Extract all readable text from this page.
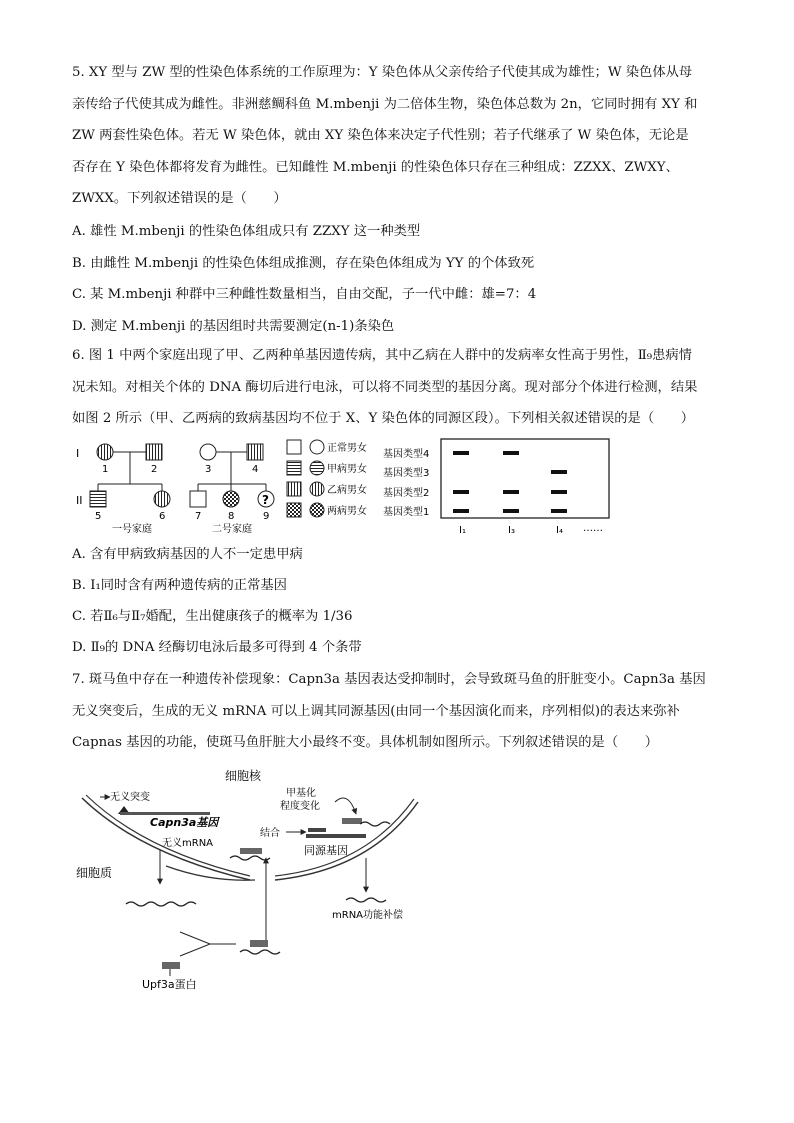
5. XY 型与 ZW 型的性染色体系统的工作原理为：Y 染色体从父亲传给子代使其成为雄性；W 染色体从母

亲传给子代使其成为雌性。非洲慈鲷科鱼 M.mbenji 为二倍体生物，染色体总数为 2n，它同时拥有 XY 和

ZW 两套性染色体。若无 W 染色体，就由 XY 染色体来决定子代性别；若子代继承了 W 染色体，无论是

否存在 Y 染色体都将发育为雌性。已知雌性 M.mbenji 的性染色体只存在三种组成：ZZXX、ZWXY、

ZWXX。下列叙述错误的是（　　）

A. 雄性 M.mbenji 的性染色体组成只有 ZZXY 这一种类型
B. 由雌性 M.mbenji 的性染色体组成推测，存在染色体组成为 YY 的个体致死
C. 某 M.mbenji 种群中三种雌性数量相当，自由交配，子一代中雌：雄=7：4
D. 测定 M.mbenji 的基因组时共需要测定(n-1)条染色

6. 图 1 中两个家庭出现了甲、乙两种单基因遗传病，其中乙病在人群中的发病率女性高于男性，Ⅱ₉患病情

况未知。对相关个体的 DNA 酶切后进行电泳，可以将不同类型的基因分离。现对部分个体进行检测，结果

如图 2 所示（甲、乙两病的致病基因均不位于 X、Y 染色体的同源区段）。下列相关叙述错误的是（　　）

I
II	?
1	2	3	4
5	6	7	8	9
一号家庭	二号家庭
正常男女
甲病男女
乙病男女
两病男女
基因类型4
基因类型3
基因类型2
基因类型1
I₁	I₃	I₄ ……
A. 含有甲病致病基因的人不一定患甲病
B. I₁同时含有两种遗传病的正常基因
C. 若Ⅱ₆与Ⅱ₇婚配，生出健康孩子的概率为 1/36
D. Ⅱ₉的 DNA 经酶切电泳后最多可得到 4 个条带

7. 斑马鱼中存在一种遗传补偿现象：Capn3a 基因表达受抑制时，会导致斑马鱼的肝脏变小。Capn3a 基因

无义突变后，生成的无义 mRNA 可以上调其同源基因(由同一个基因演化而来，序列相似)的表达来弥补

Capnas 基因的功能，使斑马鱼肝脏大小最终不变。具体机制如图所示。下列叙述错误的是（　　）

细胞核
无义突变
Capn3a基因
无义mRNA
甲基化
程度变化
结合
同源基因
细胞质
mRNA功能补偿
Upf3a蛋白
